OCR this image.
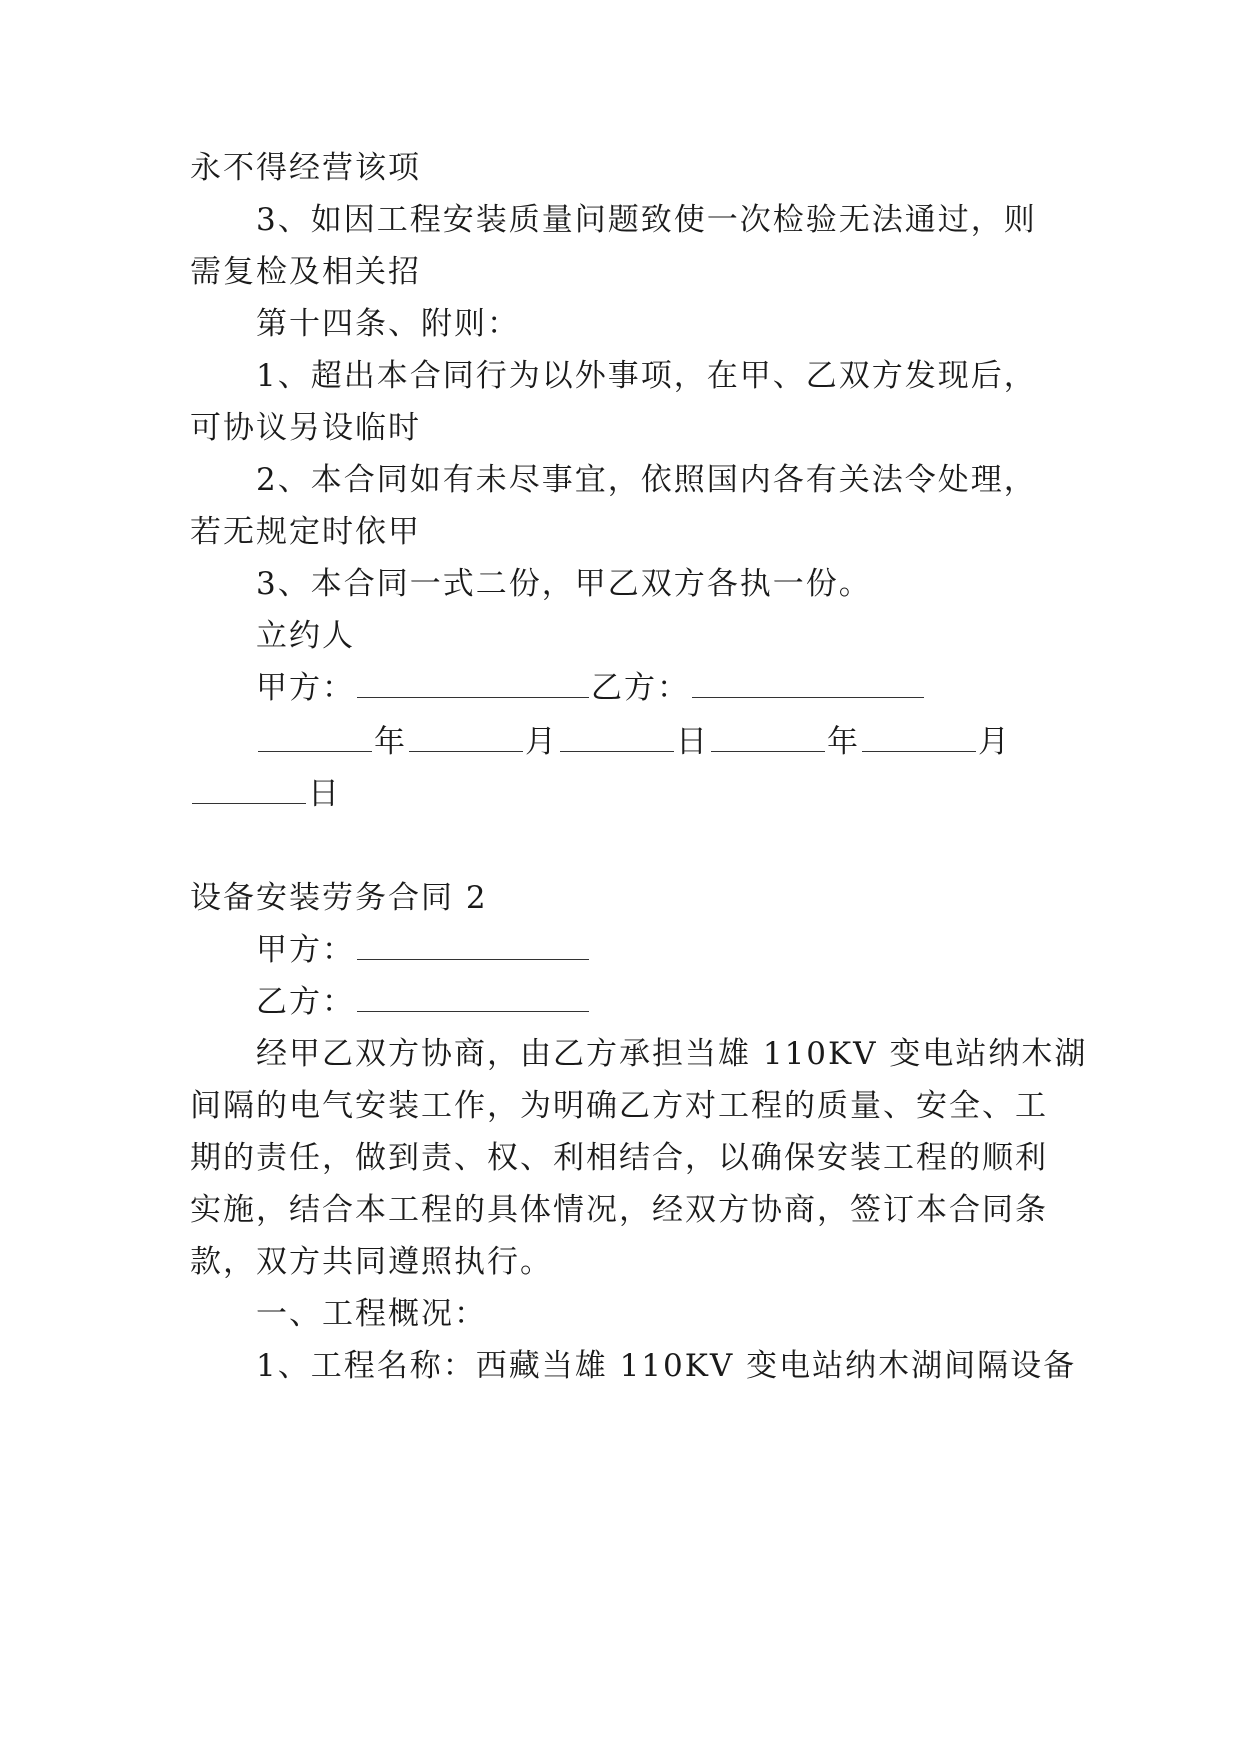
永不得经营该项
3、如因工程安装质量问题致使一次检验无法通过，则
需复检及相关招
第十四条、附则：
1、超出本合同行为以外事项，在甲、乙双方发现后，
可协议另设临时
2、本合同如有未尽事宜，依照国内各有关法令处理，
若无规定时依甲
3、本合同一式二份，甲乙双方各执一份。
立约人
甲方：	乙方：
年	月	日	年	月
日
设备安装劳务合同 2
甲方：
乙方：
经甲乙双方协商，由乙方承担当雄 110KV 变电站纳木湖
间隔的电气安装工作，为明确乙方对工程的质量、安全、工
期的责任，做到责、权、利相结合，以确保安装工程的顺利
实施，结合本工程的具体情况，经双方协商，签订本合同条
款，双方共同遵照执行。
一、工程概况：
1、工程名称：西藏当雄 110KV 变电站纳木湖间隔设备
